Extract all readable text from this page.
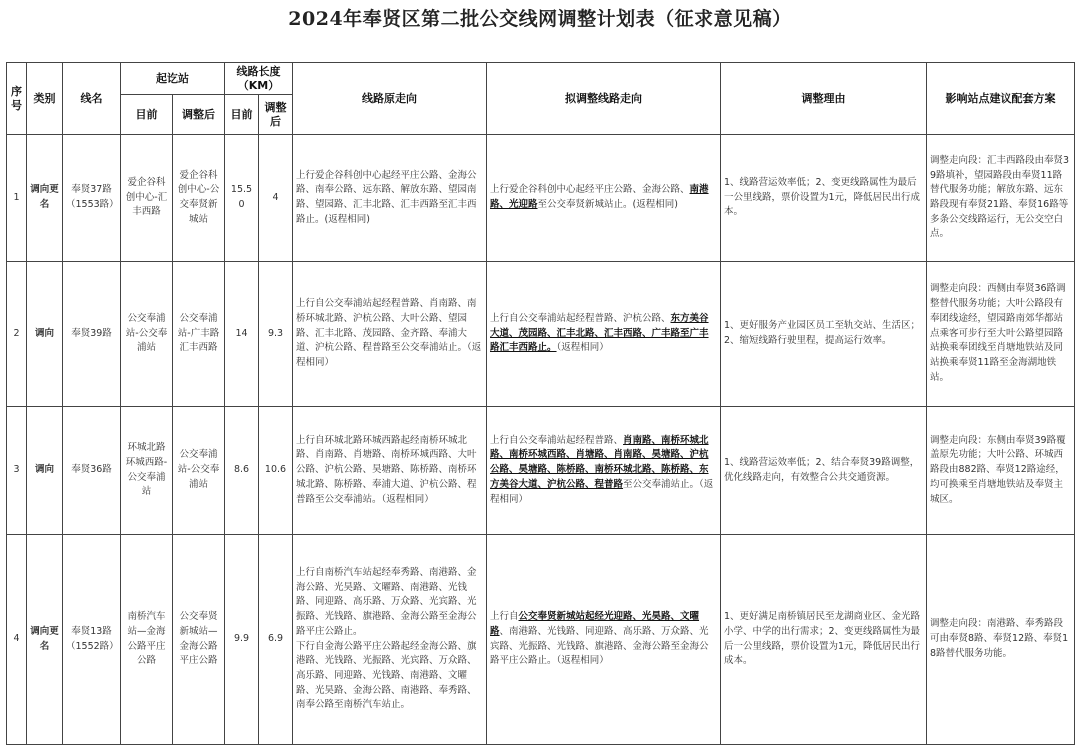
2024年奉贤区第二批公交线网调整计划表（征求意见稿）
序号	类别	线名	起讫站		线路长度（KM）		线路原走向	拟调整线路走向	调整理由	影响站点建议配套方案
			目前	调整后	目前	调整后				
1	调向更名	奉贤37路（1553路）	爱企谷科创中心-汇丰西路	爱企谷科创中心-公交奉贤新城站	15.50	4	上行爱企谷科创中心起经平庄公路、金海公路、南奉公路、远东路、解放东路、望园南路、望园路、汇丰北路、汇丰西路至汇丰西路止。(返程相同)	上行爱企谷科创中心起经平庄公路、金海公路、南港路、光迎路至公交奉贤新城站止。(返程相同)	1、线路营运效率低；2、变更线路属性为最后一公里线路，票价设置为1元，降低居民出行成本。	调整走向段：汇丰西路段由奉贤39路填补，望园路段由奉贤11路替代服务功能；解放东路、远东路段现有奉贤21路、奉贤16路等多条公交线路运行，无公交空白点。
2	调向	奉贤39路	公交奉浦站-公交奉浦站	公交奉浦站-广丰路汇丰西路	14	9.3	上行自公交奉浦站起经程普路、肖南路、南桥环城北路、沪杭公路、大叶公路、望园路、汇丰北路、茂园路、金齐路、奉浦大道、沪杭公路、程普路至公交奉浦站止。（返程相同）	上行自公交奉浦站起经程普路、沪杭公路、东方美谷大道、茂园路、汇丰北路、汇丰西路、广丰路至广丰路汇丰西路止。（返程相同）	1、更好服务产业园区员工至轨交站、生活区；2、缩短线路行驶里程，提高运行效率。	调整走向段：西侧由奉贤36路调整替代服务功能；大叶公路段有奉团线途经，望园路南郊华都站点乘客可步行至大叶公路望园路站换乘奉团线至肖塘地铁站及同站换乘奉贤11路至金海湖地铁站。
3	调向	奉贤36路	环城北路环城西路-公交奉浦站	公交奉浦站-公交奉浦站	8.6	10.6	上行自环城北路环城西路起经南桥环城北路、肖南路、肖塘路、南桥环城西路、大叶公路、沪杭公路、昊塘路、陈桥路、南桥环城北路、陈桥路、奉浦大道、沪杭公路、程普路至公交奉浦站。（返程相同）	上行自公交奉浦站起经程普路、肖南路、南桥环城北路、南桥环城西路、肖塘路、肖南路、昊塘路、沪杭公路、昊塘路、陈桥路、南桥环城北路、陈桥路、东方美谷大道、沪杭公路、程普路至公交奉浦站止。（返程相同）	1、线路营运效率低；2、结合奉贤39路调整，优化线路走向，有效整合公共交通资源。	调整走向段：东侧由奉贤39路覆盖原先功能；大叶公路、环城西路段由882路、奉贤12路途经，均可换乘至肖塘地铁站及奉贤主城区。
4	调向更名	奉贤13路（1552路）	南桥汽车站—金海公路平庄公路	公交奉贤新城站—金海公路平庄公路	9.9	6.9	上行自南桥汽车站起经奉秀路、南港路、金海公路、光昊路、文曜路、南港路、光钱路、同迎路、高乐路、万众路、光宾路、光振路、光钱路、旗港路、金海公路至金海公路平庄公路止。
下行自金海公路平庄公路起经金海公路、旗港路、光钱路、光振路、光宾路、万众路、高乐路、同迎路、光钱路、南港路、文曜路、光昊路、金海公路、南港路、奉秀路、南奉公路至南桥汽车站止。	上行自公交奉贤新城站起经光迎路、光昊路、文曜路、南港路、光钱路、同迎路、高乐路、万众路、光宾路、光振路、光钱路、旗港路、金海公路至金海公路平庄公路止。（返程相同）	1、更好满足南桥镇居民至龙湖商业区、金光路小学、中学的出行需求；2、变更线路属性为最后一公里线路，票价设置为1元，降低居民出行成本。	调整走向段：南港路、奉秀路段可由奉贤8路、奉贤12路、奉贤18路替代服务功能。
